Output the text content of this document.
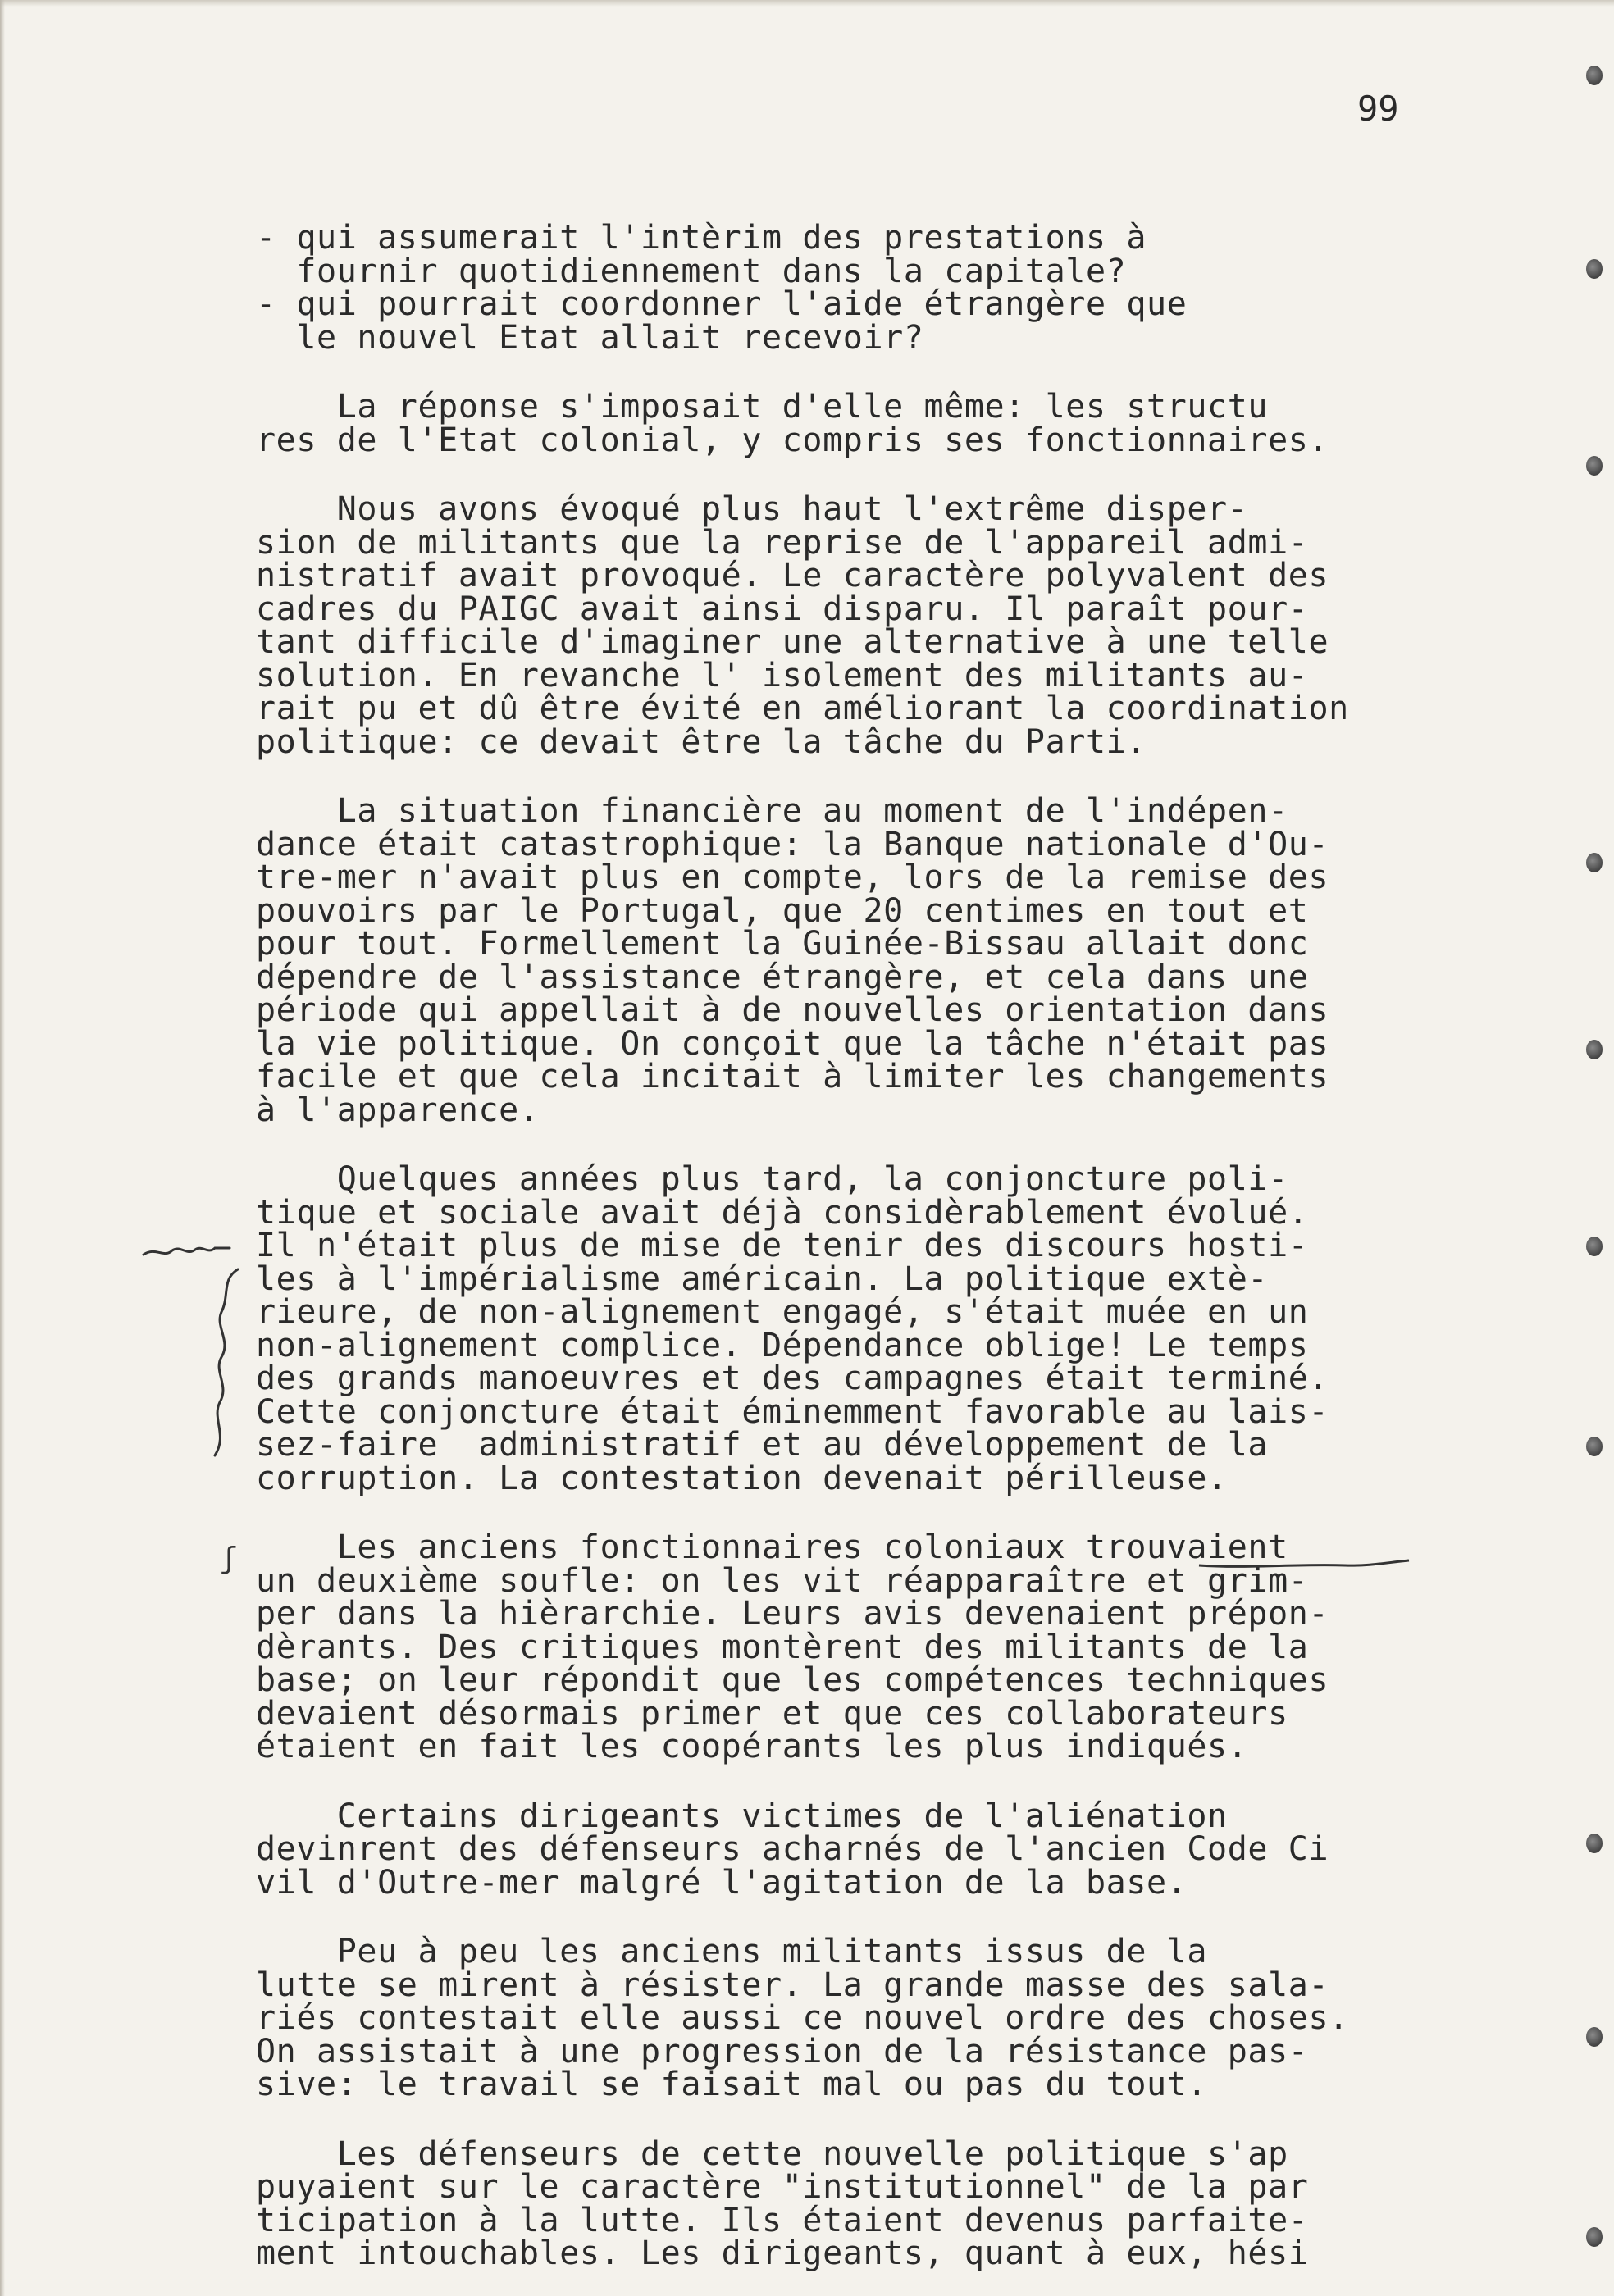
99
- qui assumerait l'intèrim des prestations à
fournir quotidiennement dans la capitale?
- qui pourrait coordonner l'aide étrangère que
le nouvel Etat allait recevoir?
La réponse s'imposait d'elle même: les structu
res de l'Etat colonial, y compris ses fonctionnaires.
Nous avons évoqué plus haut l'extrême disper-
sion de militants que la reprise de l'appareil admi-
nistratif avait provoqué. Le caractère polyvalent des
cadres du PAIGC avait ainsi disparu. Il paraît pour-
tant difficile d'imaginer une alternative à une telle
solution. En revanche l' isolement des militants au-
rait pu et dû être évité en améliorant la coordination
politique: ce devait être la tâche du Parti.
La situation financière au moment de l'indépen-
dance était catastrophique: la Banque nationale d'Ou-
tre-mer n'avait plus en compte, lors de la remise des
pouvoirs par le Portugal, que 20 centimes en tout et
pour tout. Formellement la Guinée-Bissau allait donc
dépendre de l'assistance étrangère, et cela dans une
période qui appellait à de nouvelles orientation dans
la vie politique. On conçoit que la tâche n'était pas
facile et que cela incitait à limiter les changements
à l'apparence.
Quelques années plus tard, la conjoncture poli-
tique et sociale avait déjà considèrablement évolué.
Il n'était plus de mise de tenir des discours hosti-
les à l'impérialisme américain. La politique extè-
rieure, de non-alignement engagé, s'était muée en un
non-alignement complice. Dépendance oblige! Le temps
des grands manoeuvres et des campagnes était terminé.
Cette conjoncture était éminemment favorable au lais-
sez-faire  administratif et au développement de la
corruption. La contestation devenait périlleuse.
Les anciens fonctionnaires coloniaux trouvaient
un deuxième soufle: on les vit réapparaître et grim-
per dans la hièrarchie. Leurs avis devenaient prépon-
dèrants. Des critiques montèrent des militants de la
base; on leur répondit que les compétences techniques
devaient désormais primer et que ces collaborateurs
étaient en fait les coopérants les plus indiqués.
Certains dirigeants victimes de l'aliénation
devinrent des défenseurs acharnés de l'ancien Code Ci
vil d'Outre-mer malgré l'agitation de la base.
Peu à peu les anciens militants issus de la
lutte se mirent à résister. La grande masse des sala-
riés contestait elle aussi ce nouvel ordre des choses.
On assistait à une progression de la résistance pas-
sive: le travail se faisait mal ou pas du tout.
Les défenseurs de cette nouvelle politique s'ap
puyaient sur le caractère "institutionnel" de la par
ticipation à la lutte. Ils étaient devenus parfaite-
ment intouchables. Les dirigeants, quant à eux, hési
ʃ
